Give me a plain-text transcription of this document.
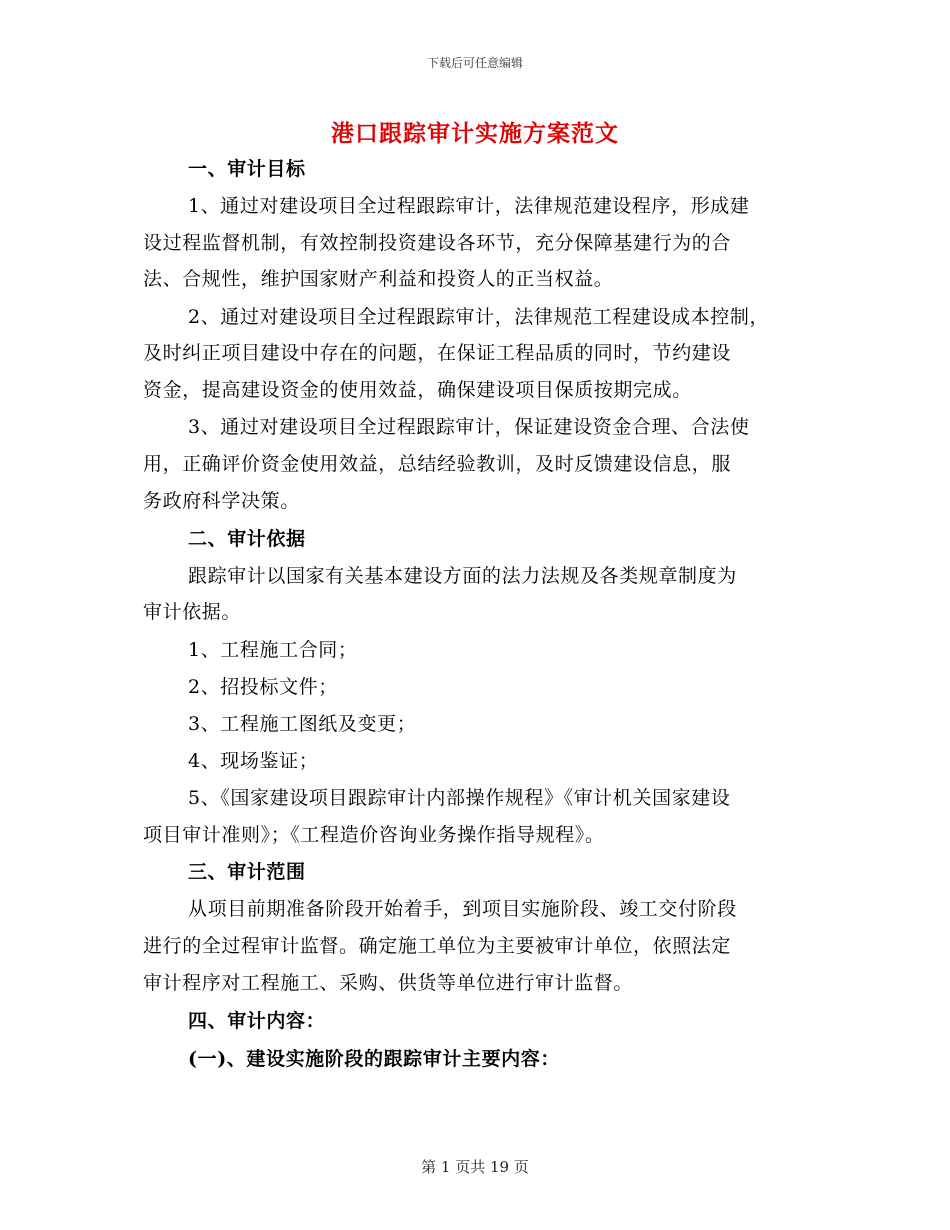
下载后可任意编辑
港口跟踪审计实施方案范文
一、审计目标
1、通过对建设项目全过程跟踪审计，法律规范建设程序，形成建
设过程监督机制，有效控制投资建设各环节，充分保障基建行为的合
法、合规性，维护国家财产利益和投资人的正当权益。
2、通过对建设项目全过程跟踪审计，法律规范工程建设成本控制，
及时纠正项目建设中存在的问题，在保证工程品质的同时，节约建设
资金，提高建设资金的使用效益，确保建设项目保质按期完成。
3、通过对建设项目全过程跟踪审计，保证建设资金合理、合法使
用，正确评价资金使用效益，总结经验教训，及时反馈建设信息，服
务政府科学决策。
二、审计依据
跟踪审计以国家有关基本建设方面的法力法规及各类规章制度为
审计依据。
1、工程施工合同；
2、招投标文件；
3、工程施工图纸及变更；
4、现场鉴证；
5、《国家建设项目跟踪审计内部操作规程》《审计机关国家建设
项目审计准则》；《工程造价咨询业务操作指导规程》。
三、审计范围
从项目前期准备阶段开始着手，到项目实施阶段、竣工交付阶段
进行的全过程审计监督。确定施工单位为主要被审计单位，依照法定
审计程序对工程施工、采购、供货等单位进行审计监督。
四、审计内容：
(一)、建设实施阶段的跟踪审计主要内容：
第 1 页共 19 页
